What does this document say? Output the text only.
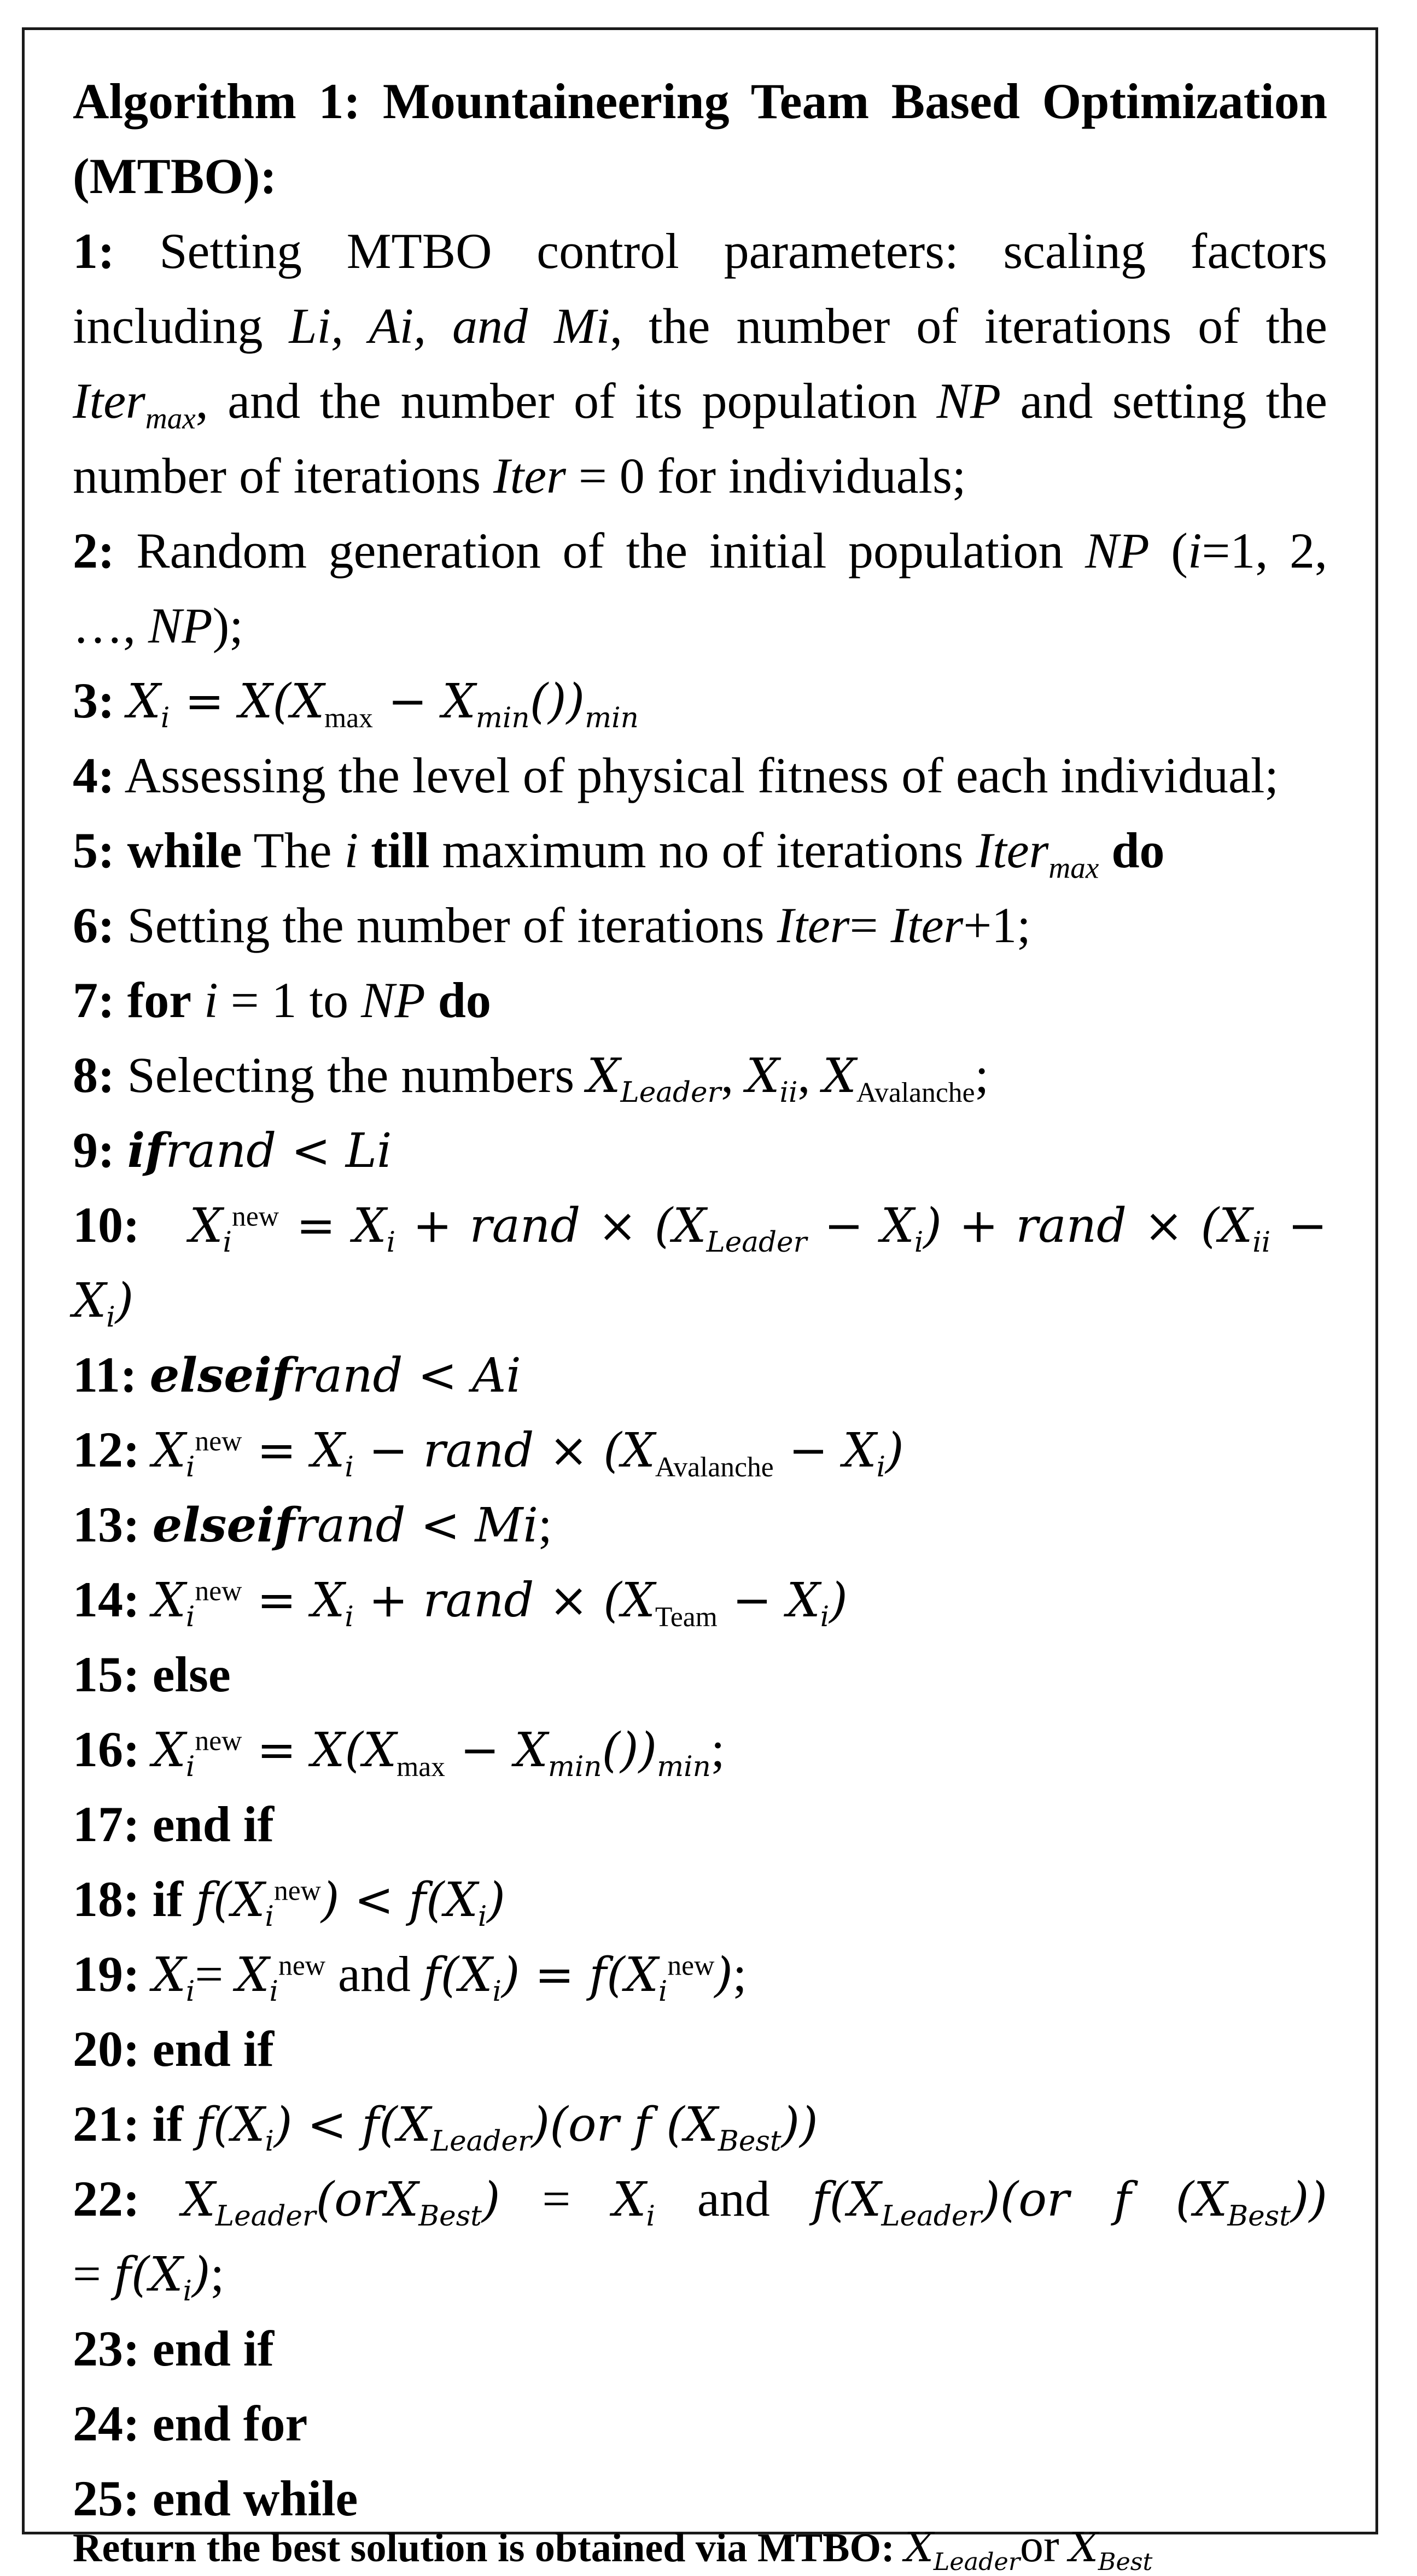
Algorithm 1: Mountaineering Team Based Optimization
(MTBO):
1: Setting MTBO control parameters: scaling factors
including Li, Ai, and Mi, the number of iterations of the
Iter$_{max}$, and the number of its population NP and setting the
number of iterations Iter = 0 for individuals;
2: Random generation of the initial population NP (i=1, 2,
…, NP);
3: $X_i = X(X_{max} - X_{min}())_{min}$
4: Assessing the level of physical fitness of each individual;
5: while The i till maximum no of iterations Iter$_{max}$ do
6: Setting the number of iterations Iter= Iter+1;
7: for i = 1 to NP do
8: Selecting the numbers $X_{Leader}$, $X_{ii}$, $X_{Avalanche}$;
9: ifrand < Li
10:   $X_i^{new} = X_i$ + rand × $(X_{Leader} - X_i)$ + rand × ($X_{ii}$ −
$X_i$)
11: elseifrand < Ai
12: $X_i^{new} = X_i$ − rand × $(X_{Avalanche} - X_i)$
13: elseifrand < Mi;
14: $X_i^{new} = X_i$ + rand × $(X_{Team} - X_i)$
15: else
16: $X_i^{new} = X(X_{max} - X_{min}())_{min}$;
17: end if
18: if $f(X_i^{new}) < f(X_i)$
19: $X_i= X_i^{new}$ and $f(X_i) = f(X_i^{new})$;
20: end if
21: if $f(X_i) < f(X_{Leader})(or$ f $(X_{Best})$)
22: $X_{Leader}(orX_{Best}) = X_i$ and $f(X_{Leader})(or$ f $(X_{Best})$)
= $f(X_i)$;
23: end if
24: end for
25: end while
Return the best solution is obtained via MTBO: $X_{Leader}or$ $X_{Best}$
